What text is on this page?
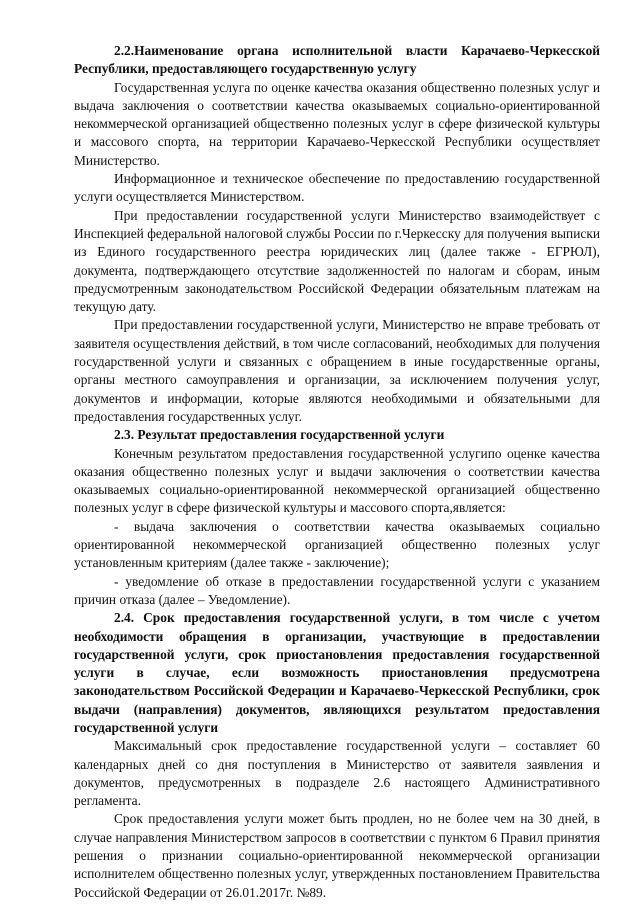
2.2.Наименование органа исполнительной власти Карачаево-Черкесской Республики, предоставляющего государственную услугу

Государственная услуга по оценке качества оказания общественно полезных услуг и выдача заключения о соответствии качества оказываемых социально-ориентированной некоммерческой организацией общественно полезных услуг в сфере физической культуры и массового спорта, на территории Карачаево-Черкесской Республики осуществляет Министерство.

Информационное и техническое обеспечение по предоставлению государственной услуги осуществляется Министерством.

При предоставлении государственной услуги Министерство взаимодействует с Инспекцией федеральной налоговой службы России по г.Черкесску для получения выписки из Единого государственного реестра юридических лиц (далее также - ЕГРЮЛ), документа, подтверждающего отсутствие задолженностей по налогам и сборам, иным предусмотренным законодательством Российской Федерации обязательным платежам на текущую дату.

При предоставлении государственной услуги, Министерство не вправе требовать от заявителя осуществления действий, в том числе согласований, необходимых для получения государственной услуги и связанных с обращением в иные государственные органы, органы местного самоуправления и организации, за исключением получения услуг, документов и информации, которые являются необходимыми и обязательными для предоставления государственных услуг.

2.3. Результат предоставления государственной услуги

Конечным результатом предоставления государственной услугипо оценке качества оказания общественно полезных услуг и выдачи заключения о соответствии качества оказываемых социально-ориентированной некоммерческой организацией общественно полезных услуг в сфере физической культуры и массового спорта,является:

- выдача заключения о соответствии качества оказываемых социально ориентированной некоммерческой организацией общественно полезных услуг установленным критериям (далее также - заключение);

- уведомление об отказе в предоставлении государственной услуги с указанием причин отказа (далее – Уведомление).

2.4. Срок предоставления государственной услуги, в том числе с учетом необходимости обращения в организации, участвующие в предоставлении государственной услуги, срок приостановления предоставления государственной услуги в случае, если возможность приостановления предусмотрена законодательством Российской Федерации и Карачаево-Черкесской Республики, срок выдачи (направления) документов, являющихся результатом предоставления государственной услуги

Максимальный срок предоставление государственной услуги – составляет 60 календарных дней со дня поступления в Министерство от заявителя заявления и документов, предусмотренных в подразделе 2.6 настоящего Административного регламента.

Срок предоставления услуги может быть продлен, но не более чем на 30 дней, в случае направления Министерством запросов в соответствии с пунктом 6 Правил принятия решения о признании социально-ориентированной некоммерческой организации исполнителем общественно полезных услуг, утвержденных постановлением Правительства Российской Федерации от 26.01.2017г. №89.
